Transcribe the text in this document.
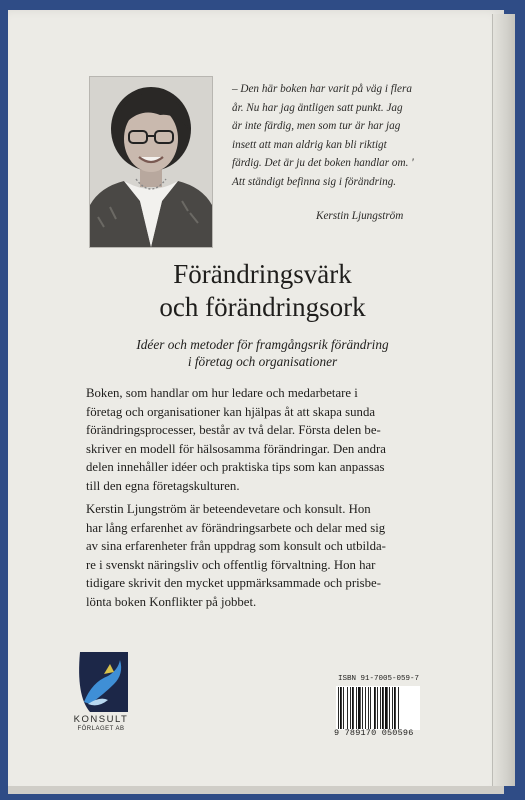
– Den här boken har varit på väg i flera
år. Nu har jag äntligen satt punkt. Jag
är inte färdig, men som tur är har jag
insett att man aldrig kan bli riktigt
färdig. Det är ju det boken handlar om. '
Att ständigt befinna sig i förändring.
Kerstin Ljungström
Förändringsvärk
och förändringsork
Idéer och metoder för framgångsrik förändring
i företag och organisationer
Boken, som handlar om hur ledare och medarbetare i
företag och organisationer kan hjälpas åt att skapa sunda
förändringsprocesser, består av två delar. Första delen be-
skriver en modell för hälsosamma förändringar. Den andra
delen innehåller idéer och praktiska tips som kan anpassas
till den egna företagskulturen.
Kerstin Ljungström är beteendevetare och konsult. Hon
har lång erfarenhet av förändringsarbete och delar med sig
av sina erfarenheter från uppdrag som konsult och utbilda-
re i svenskt näringsliv och offentlig förvaltning. Hon har
tidigare skrivit den mycket uppmärksammade och prisbe-
lönta boken Konflikter på jobbet.
KONSULT
FÖRLAGET AB
ISBN 91-7005-059-7
9 789170 050596
